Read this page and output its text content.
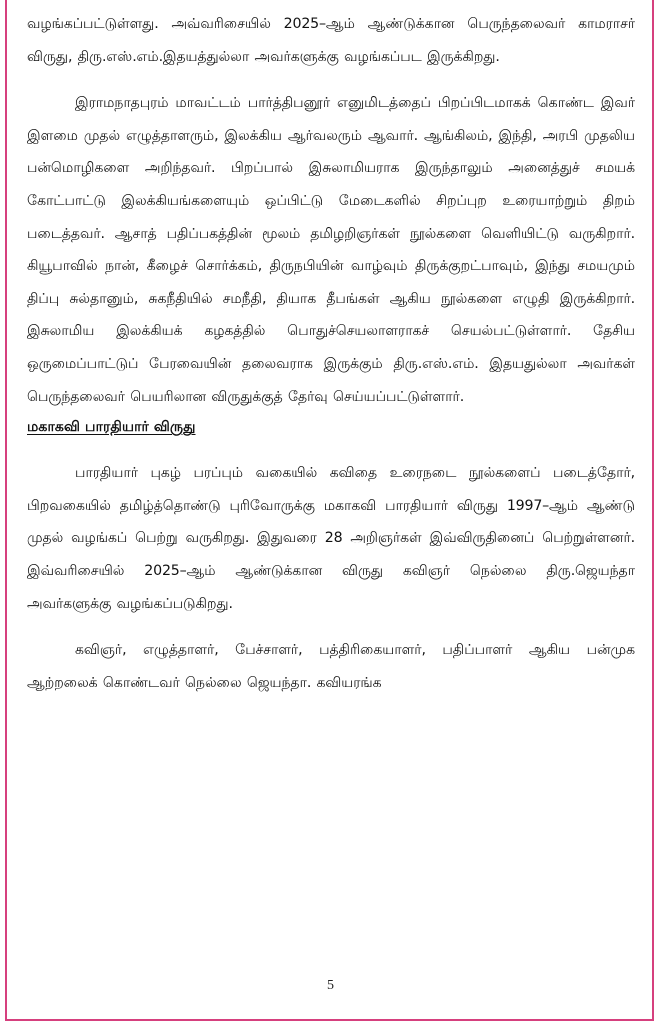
வழங்கப்பட்டுள்ளது. அவ்வரிசையில் 2025–ஆம் ஆண்டுக்கான பெருந்தலைவர் காமராசர் விருது, திரு.எஸ்.எம்.இதயத்துல்லா அவர்களுக்கு வழங்கப்பட இருக்கிறது.

இராமநாதபுரம் மாவட்டம் பார்த்திபனூர் எனுமிடத்தைப் பிறப்பிடமாகக் கொண்ட இவர் இளமை முதல் எழுத்தாளரும், இலக்கிய ஆர்வலரும் ஆவார். ஆங்கிலம், இந்தி, அரபி முதலிய பன்மொழிகளை அறிந்தவர். பிறப்பால் இசுலாமியராக இருந்தாலும் அனைத்துச் சமயக் கோட்பாட்டு இலக்கியங்களையும் ஒப்பிட்டு மேடைகளில் சிறப்புற உரையாற்றும் திறம் படைத்தவர். ஆசாத் பதிப்பகத்தின் மூலம் தமிழறிஞர்கள் நூல்களை வெளியிட்டு வருகிறார். கியூபாவில் நான், கீழைச் சொர்க்கம், திருநபியின் வாழ்வும் திருக்குறட்பாவும், இந்து சமயமும் திப்பு சுல்தானும், சுகநீதியில் சமநீதி, தியாக தீபங்கள் ஆகிய நூல்களை எழுதி இருக்கிறார். இசுலாமிய இலக்கியக் கழகத்தில் பொதுச்செயலாளராகச் செயல்பட்டுள்ளார். தேசிய ஒருமைப்பாட்டுப் பேரவையின் தலைவராக இருக்கும் திரு.எஸ்.எம். இதயதுல்லா அவர்கள் பெருந்தலைவர் பெயரிலான விருதுக்குத் தேர்வு செய்யப்பட்டுள்ளார்.

மகாகவி பாரதியார் விருது

பாரதியார் புகழ் பரப்பும் வகையில் கவிதை உரைநடை நூல்களைப் படைத்தோர், பிறவகையில் தமிழ்த்தொண்டு புரிவோருக்கு மகாகவி பாரதியார் விருது 1997–ஆம் ஆண்டு முதல் வழங்கப் பெற்று வருகிறது. இதுவரை 28 அறிஞர்கள் இவ்விருதினைப் பெற்றுள்ளனர். இவ்வரிசையில் 2025–ஆம் ஆண்டுக்கான விருது கவிஞர் நெல்லை திரு.ஜெயந்தா அவர்களுக்கு வழங்கப்படுகிறது.

கவிஞர், எழுத்தாளர், பேச்சாளர், பத்திரிகையாளர், பதிப்பாளர் ஆகிய பன்முக ஆற்றலைக் கொண்டவர் நெல்லை ஜெயந்தா. கவியரங்க

5
